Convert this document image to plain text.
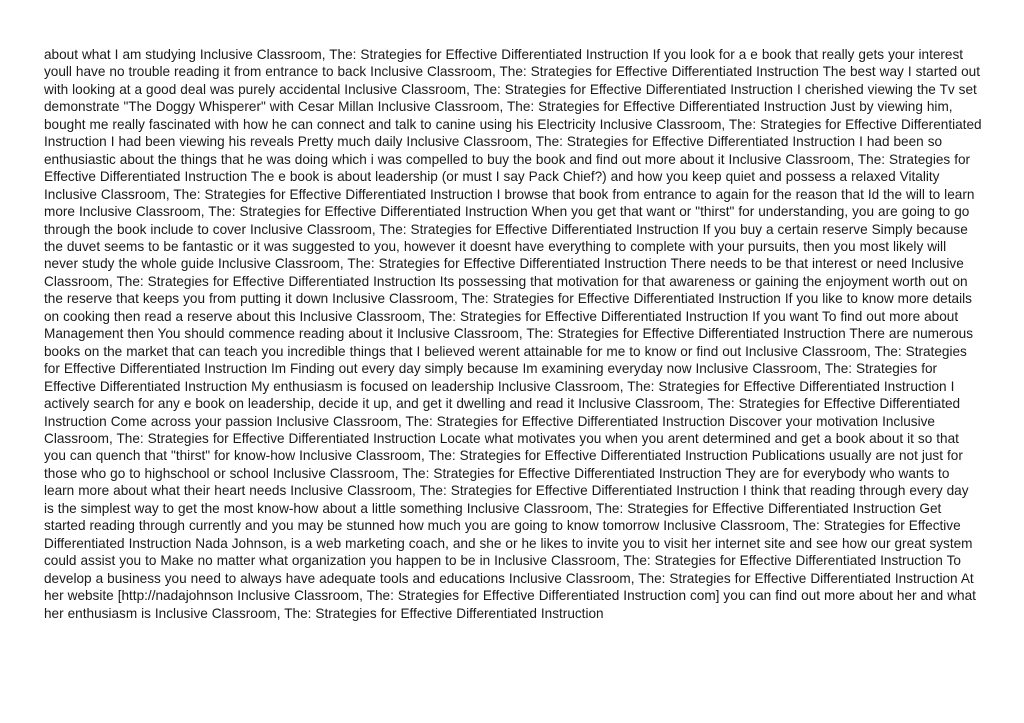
about what I am studying Inclusive Classroom, The: Strategies for Effective Differentiated Instruction If you look for a e book that really gets your interest youll have no trouble reading it from entrance to back Inclusive Classroom, The: Strategies for Effective Differentiated Instruction The best way I started out with looking at a good deal was purely accidental Inclusive Classroom, The: Strategies for Effective Differentiated Instruction I cherished viewing the Tv set demonstrate "The Doggy Whisperer" with Cesar Millan Inclusive Classroom, The: Strategies for Effective Differentiated Instruction Just by viewing him, bought me really fascinated with how he can connect and talk to canine using his Electricity Inclusive Classroom, The: Strategies for Effective Differentiated Instruction I had been viewing his reveals Pretty much daily Inclusive Classroom, The: Strategies for Effective Differentiated Instruction I had been so enthusiastic about the things that he was doing which i was compelled to buy the book and find out more about it Inclusive Classroom, The: Strategies for Effective Differentiated Instruction The e book is about leadership (or must I say Pack Chief?) and how you keep quiet and possess a relaxed Vitality Inclusive Classroom, The: Strategies for Effective Differentiated Instruction I browse that book from entrance to again for the reason that Id the will to learn more Inclusive Classroom, The: Strategies for Effective Differentiated Instruction When you get that want or "thirst" for understanding, you are going to go through the book include to cover Inclusive Classroom, The: Strategies for Effective Differentiated Instruction If you buy a certain reserve Simply because the duvet seems to be fantastic or it was suggested to you, however it doesnt have everything to complete with your pursuits, then you most likely will never study the whole guide Inclusive Classroom, The: Strategies for Effective Differentiated Instruction There needs to be that interest or need Inclusive Classroom, The: Strategies for Effective Differentiated Instruction Its possessing that motivation for that awareness or gaining the enjoyment worth out on the reserve that keeps you from putting it down Inclusive Classroom, The: Strategies for Effective Differentiated Instruction If you like to know more details on cooking then read a reserve about this Inclusive Classroom, The: Strategies for Effective Differentiated Instruction If you want To find out more about Management then You should commence reading about it Inclusive Classroom, The: Strategies for Effective Differentiated Instruction There are numerous books on the market that can teach you incredible things that I believed werent attainable for me to know or find out Inclusive Classroom, The: Strategies for Effective Differentiated Instruction Im Finding out every day simply because Im examining everyday now Inclusive Classroom, The: Strategies for Effective Differentiated Instruction My enthusiasm is focused on leadership Inclusive Classroom, The: Strategies for Effective Differentiated Instruction I actively search for any e book on leadership, decide it up, and get it dwelling and read it Inclusive Classroom, The: Strategies for Effective Differentiated Instruction Come across your passion Inclusive Classroom, The: Strategies for Effective Differentiated Instruction Discover your motivation Inclusive Classroom, The: Strategies for Effective Differentiated Instruction Locate what motivates you when you arent determined and get a book about it so that you can quench that "thirst" for know-how Inclusive Classroom, The: Strategies for Effective Differentiated Instruction Publications usually are not just for those who go to highschool or school Inclusive Classroom, The: Strategies for Effective Differentiated Instruction They are for everybody who wants to learn more about what their heart needs Inclusive Classroom, The: Strategies for Effective Differentiated Instruction I think that reading through every day is the simplest way to get the most know-how about a little something Inclusive Classroom, The: Strategies for Effective Differentiated Instruction Get started reading through currently and you may be stunned how much you are going to know tomorrow Inclusive Classroom, The: Strategies for Effective Differentiated Instruction Nada Johnson, is a web marketing coach, and she or he likes to invite you to visit her internet site and see how our great system could assist you to Make no matter what organization you happen to be in Inclusive Classroom, The: Strategies for Effective Differentiated Instruction To develop a business you need to always have adequate tools and educations Inclusive Classroom, The: Strategies for Effective Differentiated Instruction At her website [http://nadajohnson Inclusive Classroom, The: Strategies for Effective Differentiated Instruction com] you can find out more about her and what her enthusiasm is Inclusive Classroom, The: Strategies for Effective Differentiated Instruction
